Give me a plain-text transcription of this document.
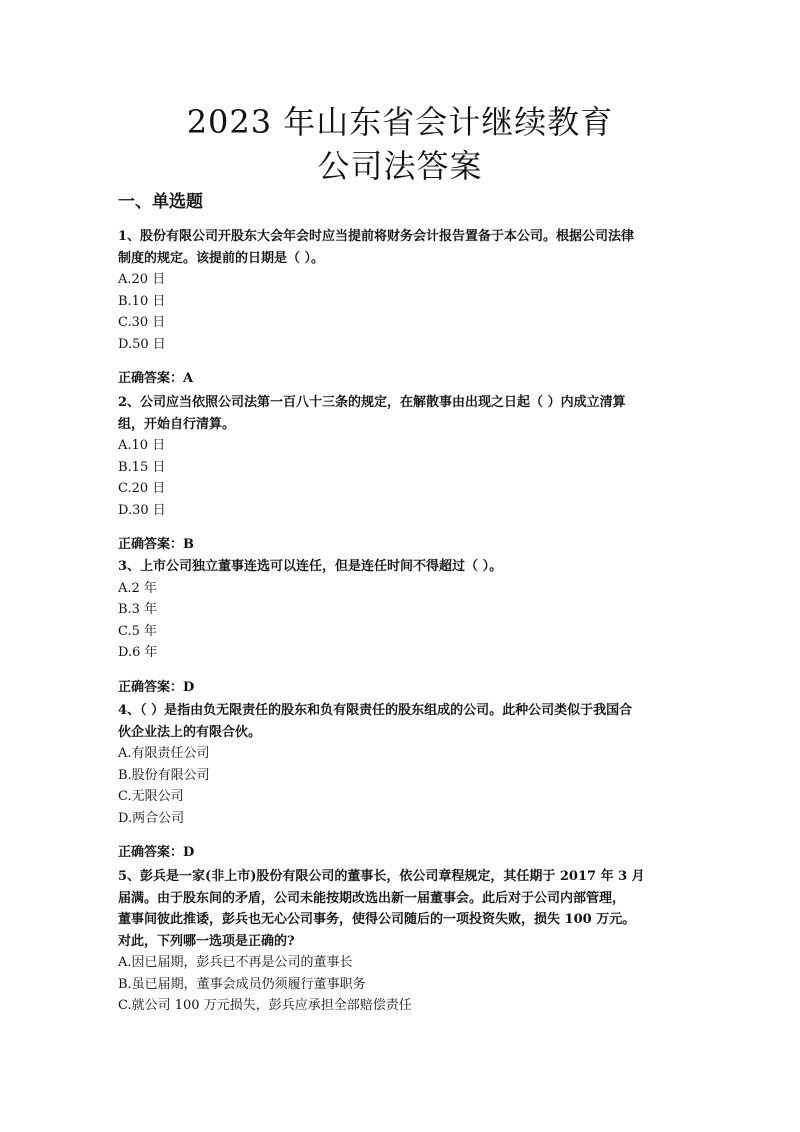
2023 年山东省会计继续教育
公司法答案
一、单选题
1、股份有限公司开股东大会年会时应当提前将财务会计报告置备于本公司。根据公司法律
制度的规定。该提前的日期是（ ）。
A.20 日
B.10 日
C.30 日
D.50 日
正确答案：A
2、公司应当依照公司法第一百八十三条的规定，在解散事由出现之日起（ ）内成立清算
组，开始自行清算。
A.10 日
B.15 日
C.20 日
D.30 日
正确答案：B
3、上市公司独立董事连选可以连任，但是连任时间不得超过（ ）。
A.2 年
B.3 年
C.5 年
D.6 年
正确答案：D
4、（ ）是指由负无限责任的股东和负有限责任的股东组成的公司。此种公司类似于我国合
伙企业法上的有限合伙。
A.有限责任公司
B.股份有限公司
C.无限公司
D.两合公司
正确答案：D
5、彭兵是一家(非上市)股份有限公司的董事长，依公司章程规定，其任期于 2017 年 3 月
届满。由于股东间的矛盾，公司未能按期改选出新一届董事会。此后对于公司内部管理，
董事间彼此推诿，彭兵也无心公司事务，使得公司随后的一项投资失败，损失 100 万元。
对此，下列哪一选项是正确的?
A.因已届期，彭兵已不再是公司的董事长
B.虽已届期，董事会成员仍须履行董事职务
C.就公司 100 万元损失，彭兵应承担全部赔偿责任
